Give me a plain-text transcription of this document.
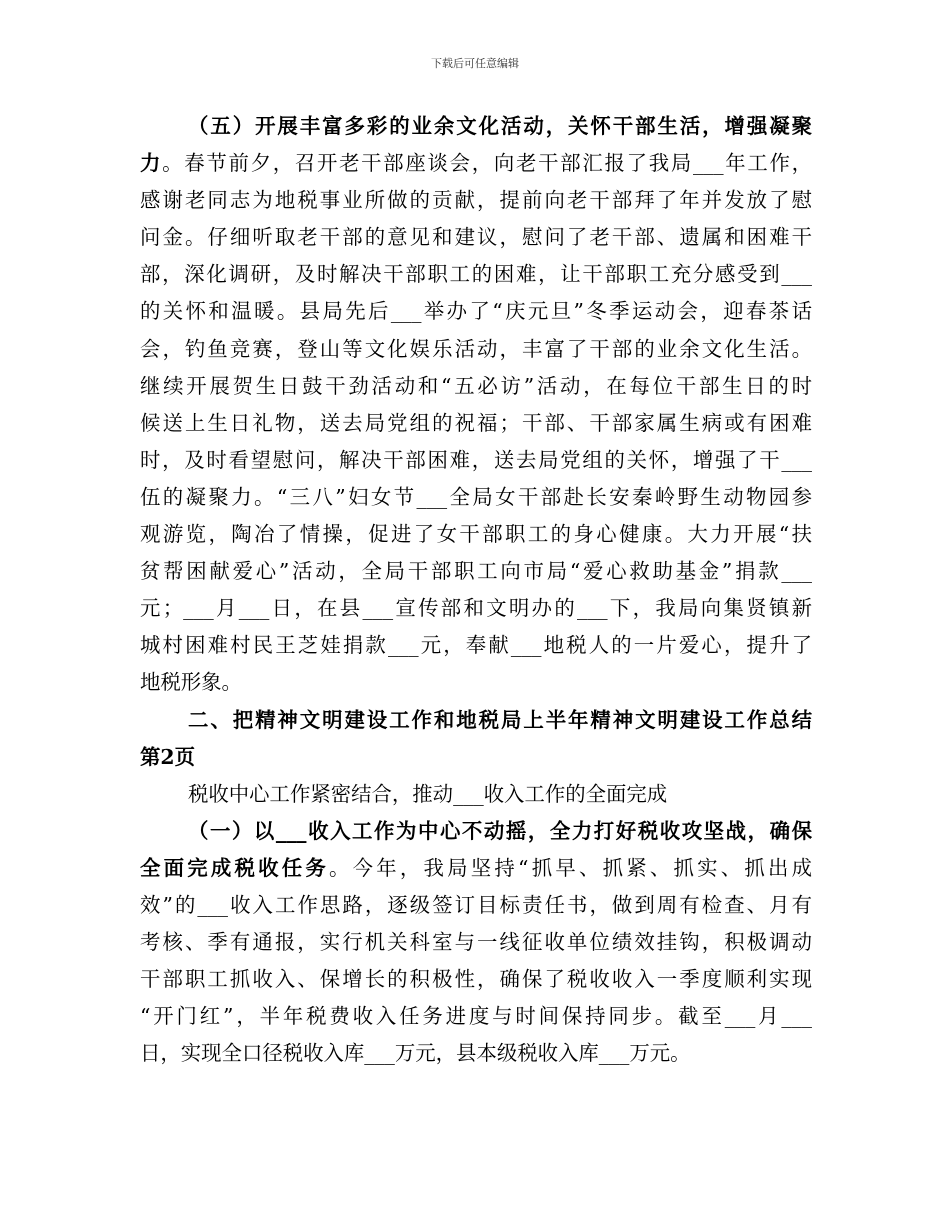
下载后可任意编辑
（五）开展丰富多彩的业余文化活动，关怀干部生活，增强凝聚
力。春节前夕，召开老干部座谈会，向老干部汇报了我局___年工作，
感谢老同志为地税事业所做的贡献，提前向老干部拜了年并发放了慰
问金。仔细听取老干部的意见和建议，慰问了老干部、遗属和困难干
部，深化调研，及时解决干部职工的困难，让干部职工充分感受到___
的关怀和温暖。县局先后___举办了“庆元旦”冬季运动会，迎春茶话
会，钓鱼竞赛，登山等文化娱乐活动，丰富了干部的业余文化生活。
继续开展贺生日鼓干劲活动和“五必访”活动，在每位干部生日的时
候送上生日礼物，送去局党组的祝福；干部、干部家属生病或有困难
时，及时看望慰问，解决干部困难，送去局党组的关怀，增强了干___
伍的凝聚力。“三八”妇女节___全局女干部赴长安秦岭野生动物园参
观游览，陶冶了情操，促进了女干部职工的身心健康。大力开展“扶
贫帮困献爱心”活动，全局干部职工向市局“爱心救助基金”捐款___
元；___月___日，在县___宣传部和文明办的___下，我局向集贤镇新
城村困难村民王芝娃捐款___元，奉献___地税人的一片爱心，提升了
地税形象。
二、把精神文明建设工作和地税局上半年精神文明建设工作总结
第2页
税收中心工作紧密结合，推动___收入工作的全面完成
（一）以___收入工作为中心不动摇，全力打好税收攻坚战，确保
全面完成税收任务。今年，我局坚持“抓早、抓紧、抓实、抓出成
效”的___收入工作思路，逐级签订目标责任书，做到周有检查、月有
考核、季有通报，实行机关科室与一线征收单位绩效挂钩，积极调动
干部职工抓收入、保增长的积极性，确保了税收收入一季度顺利实现
“开门红”，半年税费收入任务进度与时间保持同步。截至___月___
日，实现全口径税收入库___万元，县本级税收入库___万元。
